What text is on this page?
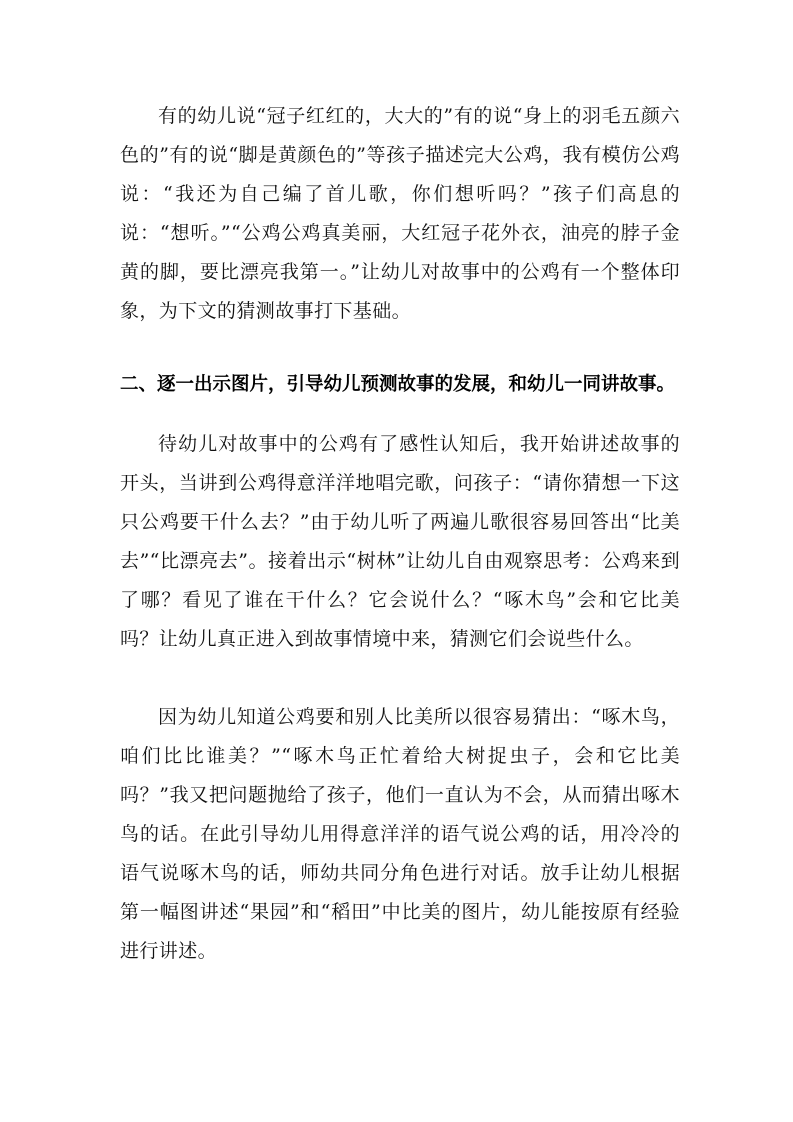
有的幼儿说“冠子红红的，大大的”有的说“身上的羽毛五颜六色的”有的说“脚是黄颜色的”等孩子描述完大公鸡，我有模仿公鸡说：“我还为自己编了首儿歌，你们想听吗？”孩子们高息的说：“想听。”“公鸡公鸡真美丽，大红冠子花外衣，油亮的脖子金黄的脚，要比漂亮我第一。”让幼儿对故事中的公鸡有一个整体印象，为下文的猜测故事打下基础。

二、逐一出示图片，引导幼儿预测故事的发展，和幼儿一同讲故事。

待幼儿对故事中的公鸡有了感性认知后，我开始讲述故事的开头，当讲到公鸡得意洋洋地唱完歌，问孩子：“请你猜想一下这只公鸡要干什么去？”由于幼儿听了两遍儿歌很容易回答出“比美去”“比漂亮去”。接着出示“树林”让幼儿自由观察思考：公鸡来到了哪？看见了谁在干什么？它会说什么？“啄木鸟”会和它比美吗？让幼儿真正进入到故事情境中来，猜测它们会说些什么。

因为幼儿知道公鸡要和别人比美所以很容易猜出：“啄木鸟，咱们比比谁美？”“啄木鸟正忙着给大树捉虫子，会和它比美吗？”我又把问题抛给了孩子，他们一直认为不会，从而猜出啄木鸟的话。在此引导幼儿用得意洋洋的语气说公鸡的话，用冷冷的语气说啄木鸟的话，师幼共同分角色进行对话。放手让幼儿根据第一幅图讲述“果园”和“稻田”中比美的图片，幼儿能按原有经验进行讲述。
